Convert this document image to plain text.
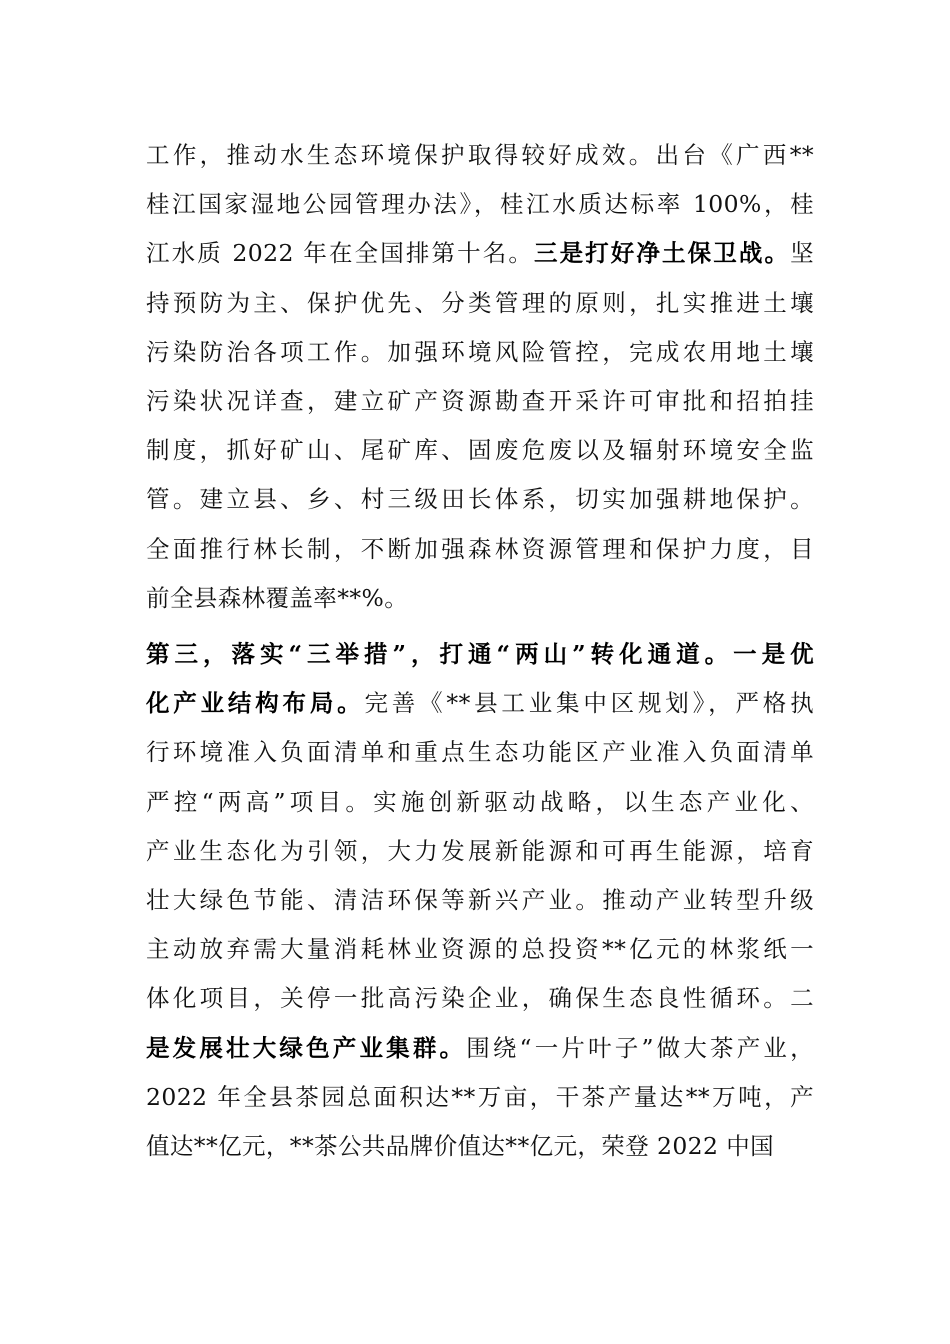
工作，推动水生态环境保护取得较好成效。出台《广西**
桂江国家湿地公园管理办法》，桂江水质达标率 100%，桂
江水质 2022 年在全国排第十名。三是打好净土保卫战。坚
持预防为主、保护优先、分类管理的原则，扎实推进土壤
污染防治各项工作。加强环境风险管控，完成农用地土壤
污染状况详查，建立矿产资源勘查开采许可审批和招拍挂
制度，抓好矿山、尾矿库、固废危废以及辐射环境安全监
管。建立县、乡、村三级田长体系，切实加强耕地保护。
全面推行林长制，不断加强森林资源管理和保护力度，目
前全县森林覆盖率**%。
第三，落实“三举措”，打通“两山”转化通道。一是优
化产业结构布局。完善《**县工业集中区规划》，严格执
行环境准入负面清单和重点生态功能区产业准入负面清单
严控“两高”项目。实施创新驱动战略，以生态产业化、
产业生态化为引领，大力发展新能源和可再生能源，培育
壮大绿色节能、清洁环保等新兴产业。推动产业转型升级
主动放弃需大量消耗林业资源的总投资**亿元的林浆纸一
体化项目，关停一批高污染企业，确保生态良性循环。二
是发展壮大绿色产业集群。围绕“一片叶子”做大茶产业，
2022 年全县茶园总面积达**万亩，干茶产量达**万吨，产
值达**亿元，**茶公共品牌价值达**亿元，荣登 2022 中国
